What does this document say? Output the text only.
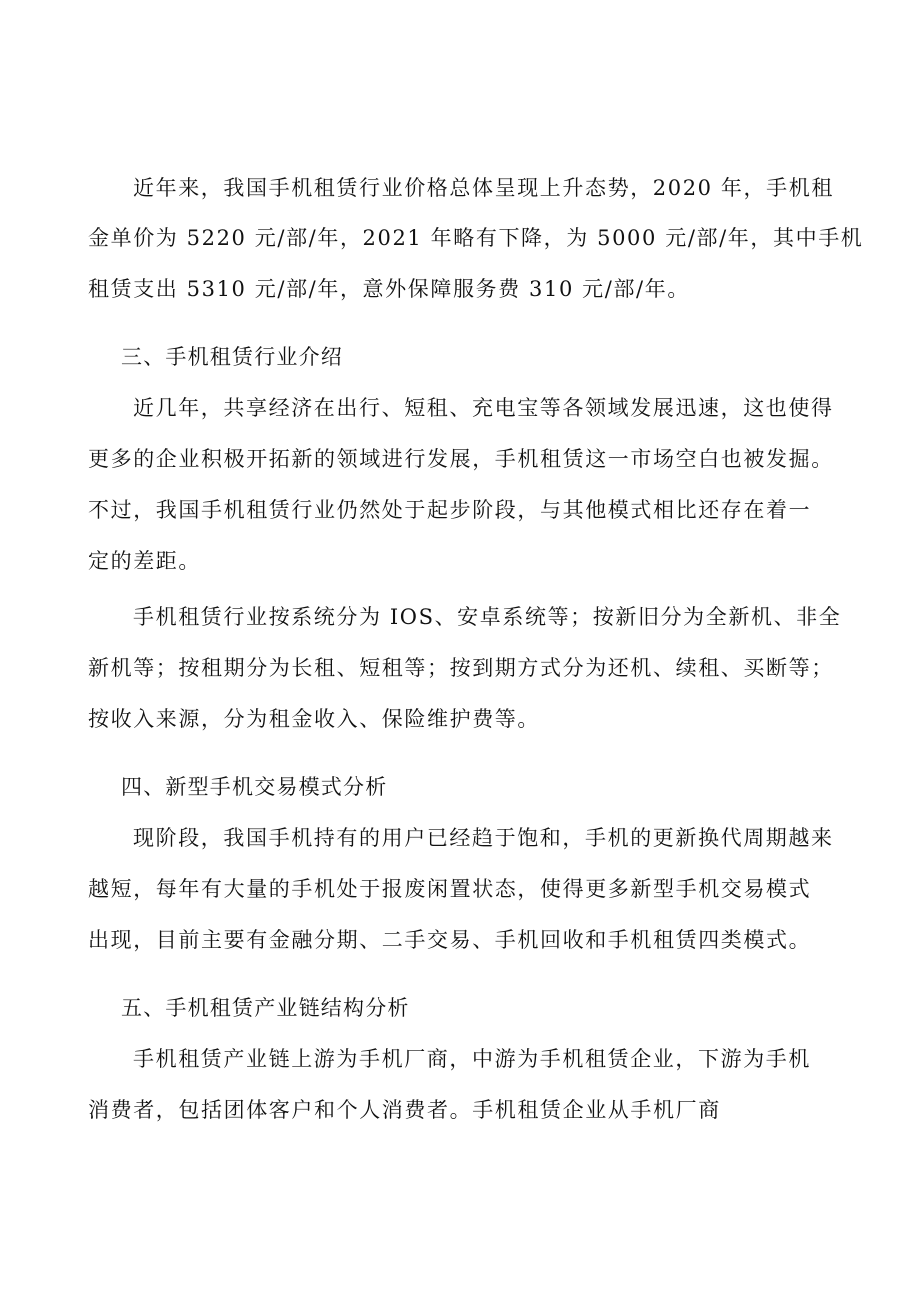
近年来，我国手机租赁行业价格总体呈现上升态势，2020 年，手机租
金单价为 5220 元/部/年，2021 年略有下降，为 5000 元/部/年，其中手机
租赁支出 5310 元/部/年，意外保障服务费 310 元/部/年。
三、手机租赁行业介绍
近几年，共享经济在出行、短租、充电宝等各领域发展迅速，这也使得
更多的企业积极开拓新的领域进行发展，手机租赁这一市场空白也被发掘。
不过，我国手机租赁行业仍然处于起步阶段，与其他模式相比还存在着一
定的差距。
手机租赁行业按系统分为 IOS、安卓系统等；按新旧分为全新机、非全
新机等；按租期分为长租、短租等；按到期方式分为还机、续租、买断等；
按收入来源，分为租金收入、保险维护费等。
四、新型手机交易模式分析
现阶段，我国手机持有的用户已经趋于饱和，手机的更新换代周期越来
越短，每年有大量的手机处于报废闲置状态，使得更多新型手机交易模式
出现，目前主要有金融分期、二手交易、手机回收和手机租赁四类模式。
五、手机租赁产业链结构分析
手机租赁产业链上游为手机厂商，中游为手机租赁企业，下游为手机
消费者，包括团体客户和个人消费者。手机租赁企业从手机厂商
